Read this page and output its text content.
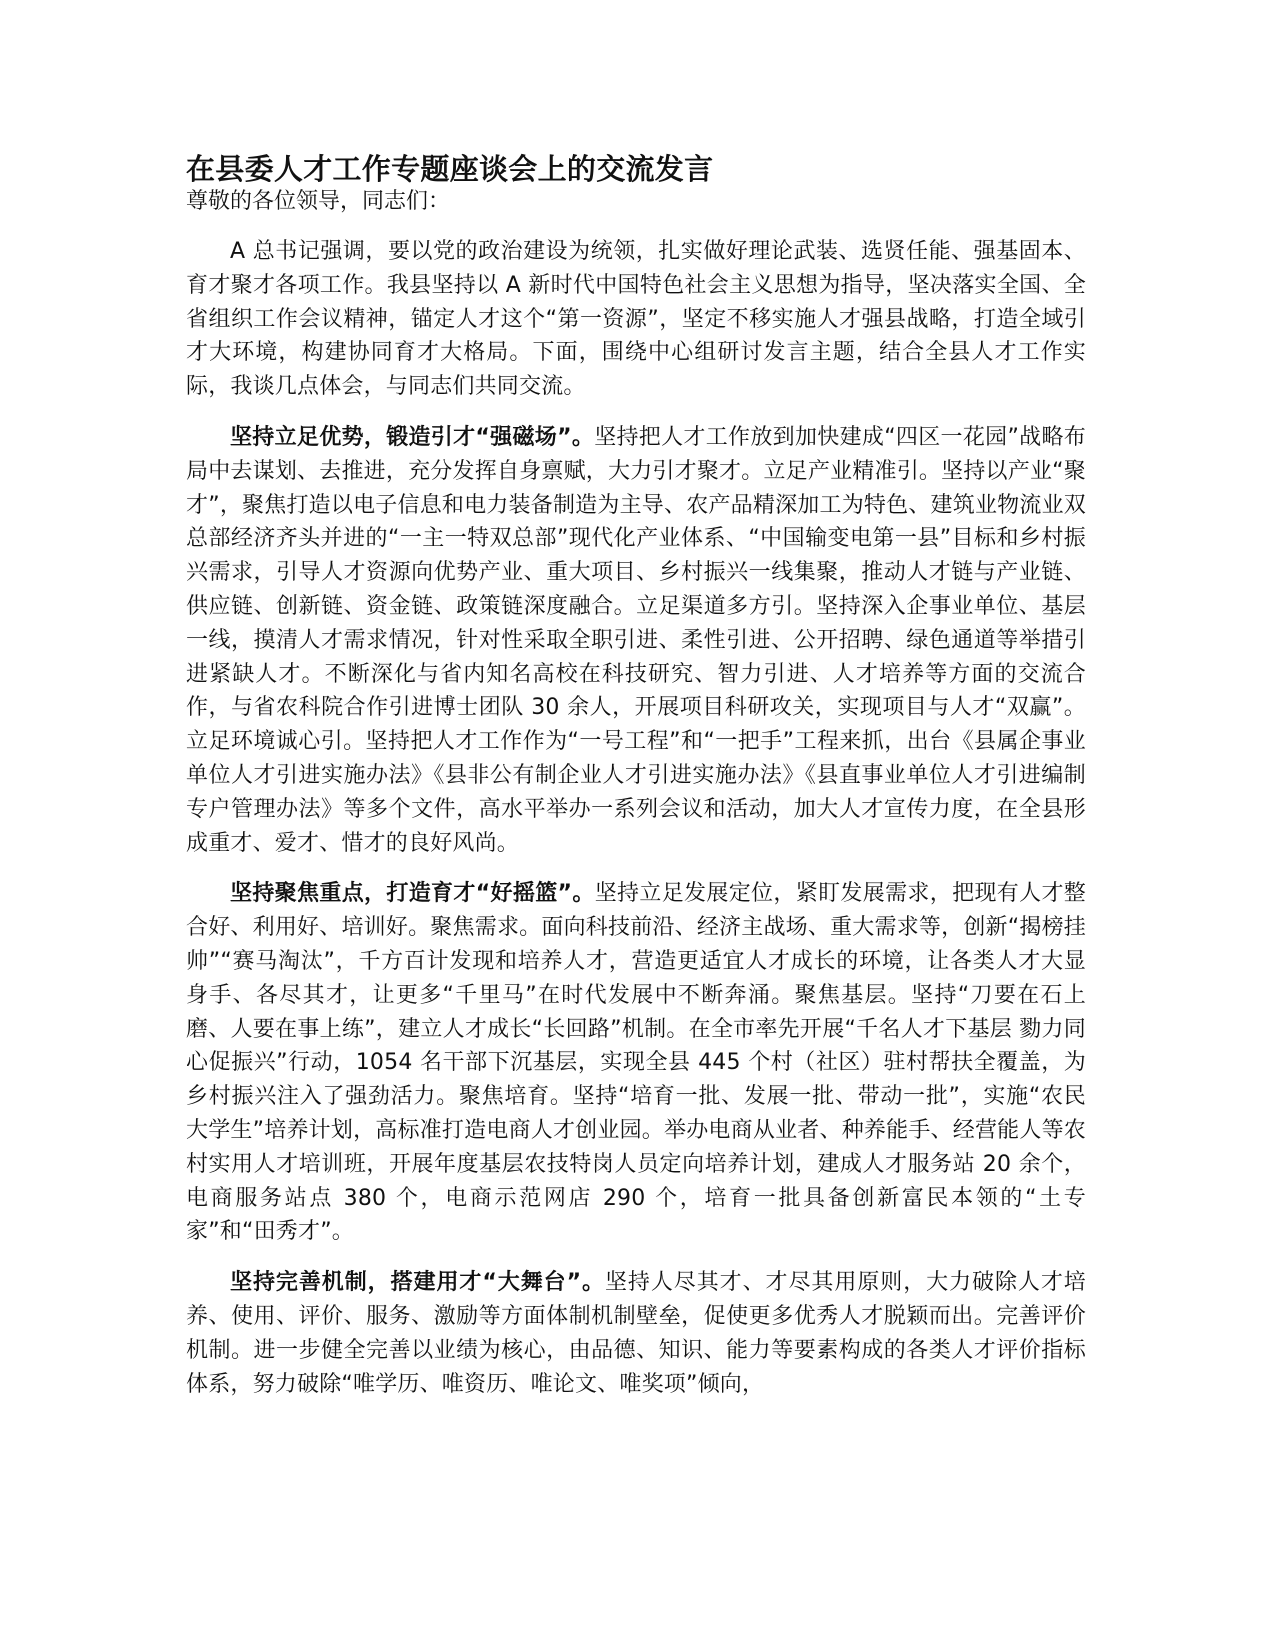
在县委人才工作专题座谈会上的交流发言

尊敬的各位领导，同志们：

A 总书记强调，要以党的政治建设为统领，扎实做好理论武装、选贤任能、强基固本、育才聚才各项工作。我县坚持以 A 新时代中国特色社会主义思想为指导，坚决落实全国、全省组织工作会议精神，锚定人才这个“第一资源”，坚定不移实施人才强县战略，打造全域引才大环境，构建协同育才大格局。下面，围绕中心组研讨发言主题，结合全县人才工作实际，我谈几点体会，与同志们共同交流。

坚持立足优势，锻造引才“强磁场”。坚持把人才工作放到加快建成“四区一花园”战略布局中去谋划、去推进，充分发挥自身禀赋，大力引才聚才。立足产业精准引。坚持以产业“聚才”，聚焦打造以电子信息和电力装备制造为主导、农产品精深加工为特色、建筑业物流业双总部经济齐头并进的“一主一特双总部”现代化产业体系、“中国输变电第一县”目标和乡村振兴需求，引导人才资源向优势产业、重大项目、乡村振兴一线集聚，推动人才链与产业链、供应链、创新链、资金链、政策链深度融合。立足渠道多方引。坚持深入企事业单位、基层一线，摸清人才需求情况，针对性采取全职引进、柔性引进、公开招聘、绿色通道等举措引进紧缺人才。不断深化与省内知名高校在科技研究、智力引进、人才培养等方面的交流合作，与省农科院合作引进博士团队 30 余人，开展项目科研攻关，实现项目与人才“双赢”。立足环境诚心引。坚持把人才工作作为“一号工程”和“一把手”工程来抓，出台《县属企事业单位人才引进实施办法》《县非公有制企业人才引进实施办法》《县直事业单位人才引进编制专户管理办法》等多个文件，高水平举办一系列会议和活动，加大人才宣传力度，在全县形成重才、爱才、惜才的良好风尚。

坚持聚焦重点，打造育才“好摇篮”。坚持立足发展定位，紧盯发展需求，把现有人才整合好、利用好、培训好。聚焦需求。面向科技前沿、经济主战场、重大需求等，创新“揭榜挂帅”“赛马淘汰”，千方百计发现和培养人才，营造更适宜人才成长的环境，让各类人才大显身手、各尽其才，让更多“千里马”在时代发展中不断奔涌。聚焦基层。坚持“刀要在石上磨、人要在事上练”，建立人才成长“长回路”机制。在全市率先开展“千名人才下基层 勠力同心促振兴”行动，1054 名干部下沉基层，实现全县 445 个村（社区）驻村帮扶全覆盖，为乡村振兴注入了强劲活力。聚焦培育。坚持“培育一批、发展一批、带动一批”，实施“农民大学生”培养计划，高标准打造电商人才创业园。举办电商从业者、种养能手、经营能人等农村实用人才培训班，开展年度基层农技特岗人员定向培养计划，建成人才服务站 20 余个，电商服务站点 380 个，电商示范网店 290 个，培育一批具备创新富民本领的“土专家”和“田秀才”。

坚持完善机制，搭建用才“大舞台”。坚持人尽其才、才尽其用原则，大力破除人才培养、使用、评价、服务、激励等方面体制机制壁垒，促使更多优秀人才脱颖而出。完善评价机制。进一步健全完善以业绩为核心，由品德、知识、能力等要素构成的各类人才评价指标体系，努力破除“唯学历、唯资历、唯论文、唯奖项”倾向，
